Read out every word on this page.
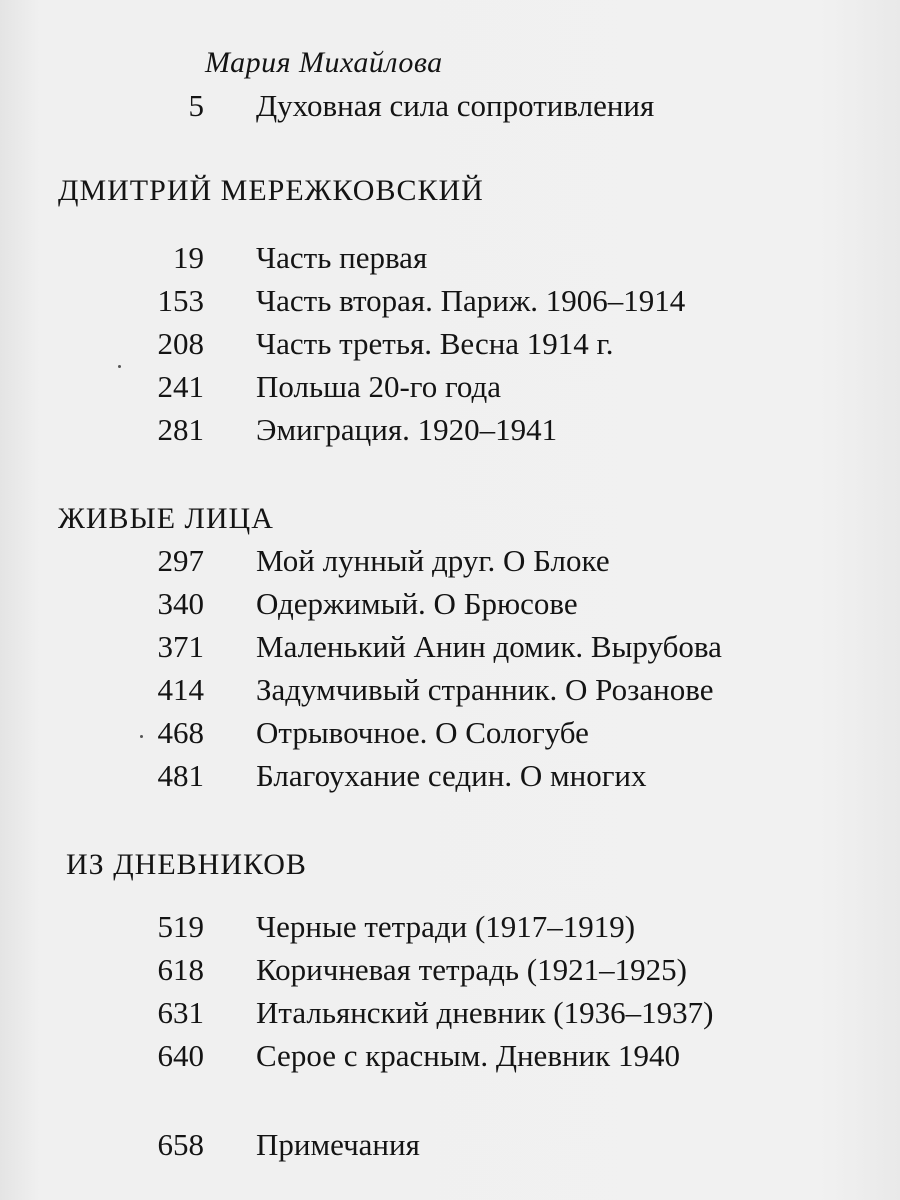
Мария Михайлова
5 Духовная сила сопротивления
ДМИТРИЙ МЕРЕЖКОВСКИЙ
19 Часть первая
153 Часть вторая. Париж. 1906–1914
208 Часть третья. Весна 1914 г.
241 Польша 20-го года
281 Эмиграция. 1920–1941
ЖИВЫЕ ЛИЦА
297 Мой лунный друг. О Блоке
340 Одержимый. О Брюсове
371 Маленький Анин домик. Вырубова
414 Задумчивый странник. О Розанове
468 Отрывочное. О Сологубе
481 Благоухание седин. О многих
ИЗ ДНЕВНИКОВ
519 Черные тетради (1917–1919)
618 Коричневая тетрадь (1921–1925)
631 Итальянский дневник (1936–1937)
640 Серое с красным. Дневник 1940
658 Примечания
